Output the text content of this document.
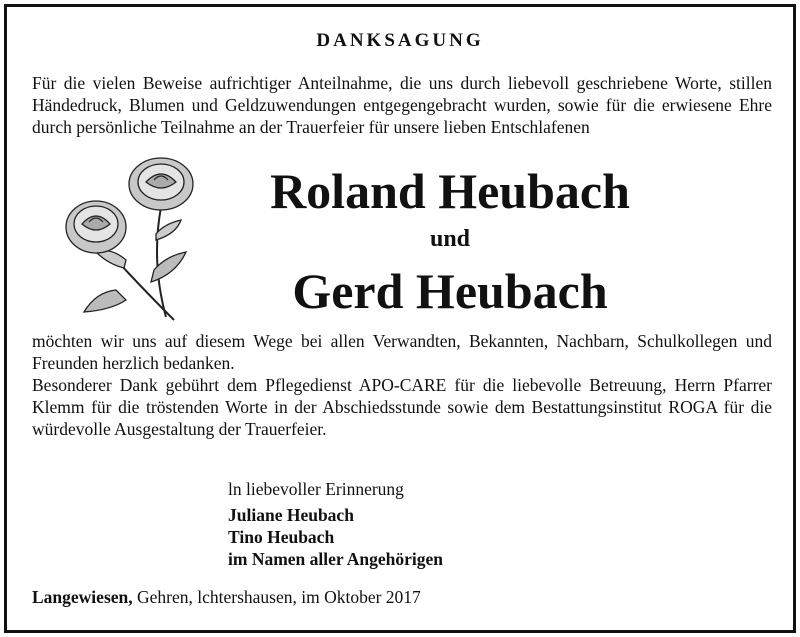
DANKSAGUNG
Für die vielen Beweise aufrichtiger Anteilnahme, die uns durch liebevoll geschriebene Worte, stillen Händedruck, Blumen und Geldzuwendungen entgegengebracht wurden, sowie für die erwiesene Ehre durch persönliche Teilnahme an der Trauerfeier für unsere lieben Entschlafenen
Roland Heubach
und
Gerd Heubach
möchten wir uns auf diesem Wege bei allen Verwandten, Bekannten, Nachbarn, Schulkollegen und Freunden herzlich bedanken.
Besonderer Dank gebührt dem Pflegedienst APO-CARE für die liebevolle Betreuung, Herrn Pfarrer Klemm für die tröstenden Worte in der Abschiedsstunde sowie dem Bestattungsinstitut ROGA für die würdevolle Ausgestaltung der Trauerfeier.
ln liebevoller Erinnerung
Juliane Heubach
Tino Heubach
im Namen aller Angehörigen
Langewiesen, Gehren, lchtershausen, im Oktober 2017
